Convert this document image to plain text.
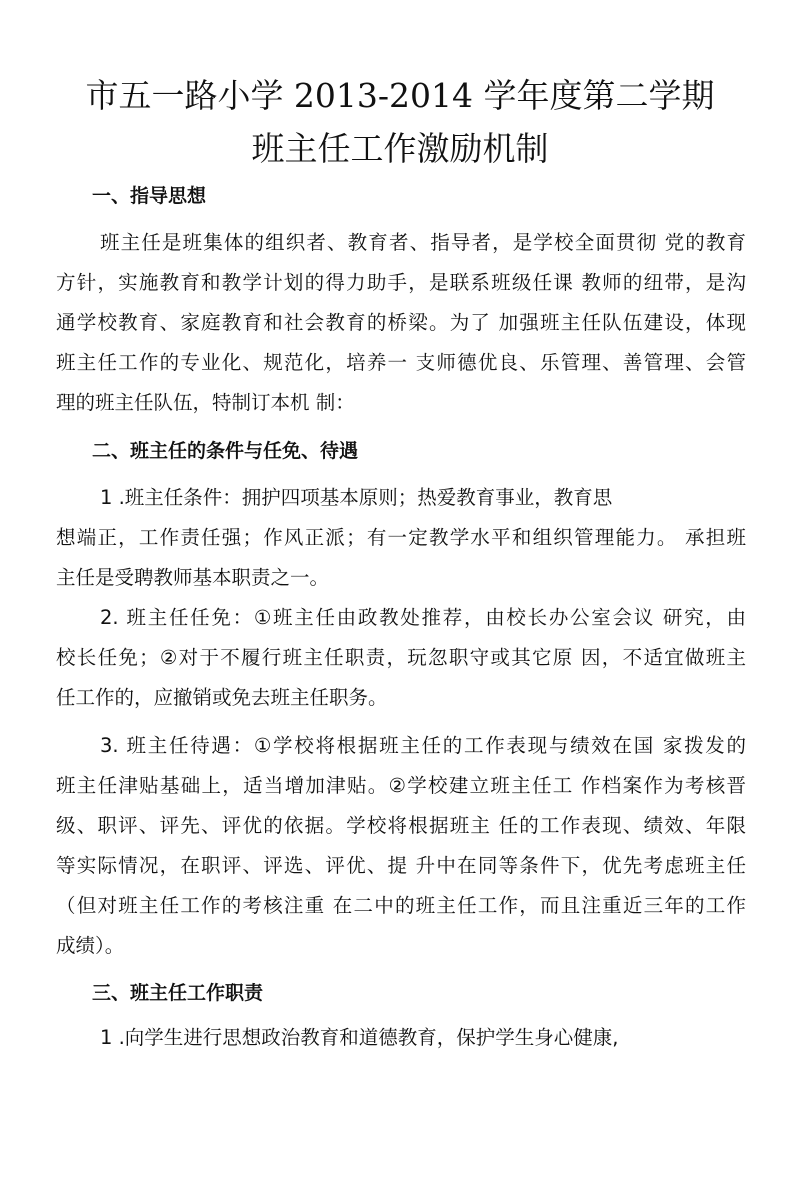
市五一路小学 2013-2014 学年度第二学期
班主任工作激励机制
一、指导思想
班主任是班集体的组织者、教育者、指导者，是学校全面贯彻 党的教育
方针，实施教育和教学计划的得力助手，是联系班级任课 教师的纽带，是沟
通学校教育、家庭教育和社会教育的桥梁。为了 加强班主任队伍建设，体现
班主任工作的专业化、规范化，培养一 支师德优良、乐管理、善管理、会管
理的班主任队伍，特制订本机 制：
二、班主任的条件与任免、待遇
1 .班主任条件：拥护四项基本原则；热爱教育事业，教育思
想端正，工作责任强；作风正派；有一定教学水平和组织管理能力。 承担班
主任是受聘教师基本职责之一。
2. 班主任任免：①班主任由政教处推荐，由校长办公室会议 研究，由
校长任免；②对于不履行班主任职责，玩忽职守或其它原 因，不适宜做班主
任工作的，应撤销或免去班主任职务。
3. 班主任待遇：①学校将根据班主任的工作表现与绩效在国 家拨发的
班主任津贴基础上，适当增加津贴。②学校建立班主任工 作档案作为考核晋
级、职评、评先、评优的依据。学校将根据班主 任的工作表现、绩效、年限
等实际情况，在职评、评选、评优、提 升中在同等条件下，优先考虑班主任
（但对班主任工作的考核注重 在二中的班主任工作，而且注重近三年的工作
成绩）。
三、班主任工作职责
1 .向学生进行思想政治教育和道德教育，保护学生身心健康,
